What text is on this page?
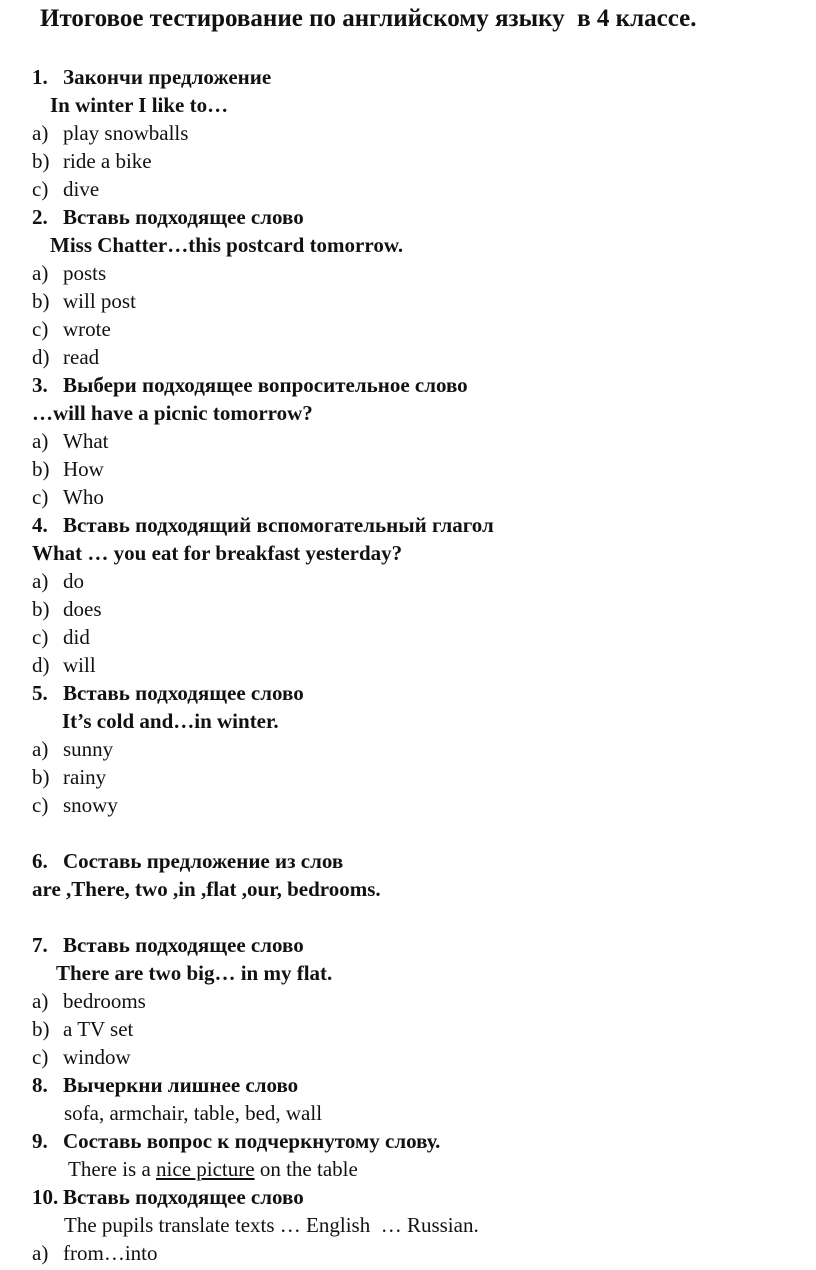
Итоговое тестирование по английскому языку  в 4 классе.
1. Закончи предложение
In winter I like to…
a) play snowballs
b) ride a bike
c) dive
2. Вставь подходящее слово
Miss Chatter…this postcard tomorrow.
a) posts
b) will post
c) wrote
d) read
3. Выбери подходящее вопросительное слово
…will have a picnic tomorrow?
a) What
b) How
c) Who
4. Вставь подходящий вспомогательный глагол
What … you eat for breakfast yesterday?
a) do
b) does
c) did
d) will
5. Вставь подходящее слово
It’s cold and…in winter.
a) sunny
b) rainy
c) snowy
6. Составь предложение из слов
are ,There, two ,in ,flat ,our, bedrooms.
7. Вставь подходящее слово
There are two big… in my flat.
a) bedrooms
b) a TV set
c) window
8. Вычеркни лишнее слово
sofa, armchair, table, bed, wall
9. Составь вопрос к подчеркнутому слову.
There is a nice picture on the table
10. Вставь подходящее слово
The pupils translate texts … English  … Russian.
a) from…into
